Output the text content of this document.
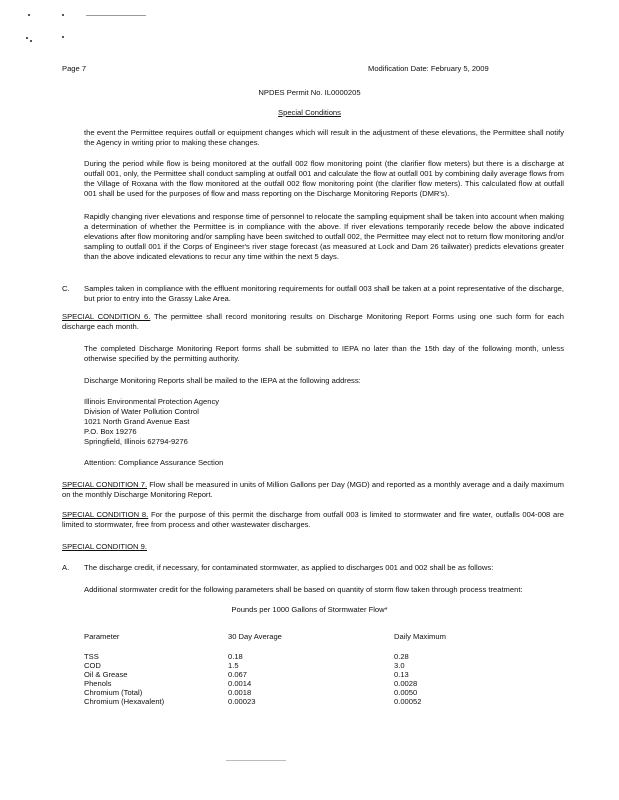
Page 7	Modification Date: February 5, 2009
NPDES Permit No. IL0000205
Special Conditions
the event the Permittee requires outfall or equipment changes which will result in the adjustment of these elevations, the Permittee shall notify the Agency in writing prior to making these changes.
During the period while flow is being monitored at the outfall 002 flow monitoring point (the clarifier flow meters) but there is a discharge at outfall 001, only, the Permittee shall conduct sampling at outfall 001 and calculate the flow at outfall 001 by combining daily average flows from the Village of Roxana with the flow monitored at the outfall 002 flow monitoring point (the clarifier flow meters). This calculated flow at outfall 001 shall be used for the purposes of flow and mass reporting on the Discharge Monitoring Reports (DMR's).
Rapidly changing river elevations and response time of personnel to relocate the sampling equipment shall be taken into account when making a determination of whether the Permittee is in compliance with the above. If river elevations temporarily recede below the above indicated elevations after flow monitoring and/or sampling have been switched to outfall 002, the Permittee may elect not to return flow monitoring and/or sampling to outfall 001 if the Corps of Engineer's river stage forecast (as measured at Lock and Dam 26 tailwater) predicts elevations greater than the above indicated elevations to recur any time within the next 5 days.
C. Samples taken in compliance with the effluent monitoring requirements for outfall 003 shall be taken at a point representative of the discharge, but prior to entry into the Grassy Lake Area.
SPECIAL CONDITION 6. The permittee shall record monitoring results on Discharge Monitoring Report Forms using one such form for each discharge each month.
The completed Discharge Monitoring Report forms shall be submitted to IEPA no later than the 15th day of the following month, unless otherwise specified by the permitting authority.
Discharge Monitoring Reports shall be mailed to the IEPA at the following address:
Illinois Environmental Protection Agency
Division of Water Pollution Control
1021 North Grand Avenue East
P.O. Box 19276
Springfield, Illinois 62794-9276
Attention: Compliance Assurance Section
SPECIAL CONDITION 7. Flow shall be measured in units of Million Gallons per Day (MGD) and reported as a monthly average and a daily maximum on the monthly Discharge Monitoring Report.
SPECIAL CONDITION 8. For the purpose of this permit the discharge from outfall 003 is limited to stormwater and fire water, outfalls 004-008 are limited to stormwater, free from process and other wastewater discharges.
SPECIAL CONDITION 9.
A. The discharge credit, if necessary, for contaminated stormwater, as applied to discharges 001 and 002 shall be as follows:
Additional stormwater credit for the following parameters shall be based on quantity of storm flow taken through process treatment:
Pounds per 1000 Gallons of Stormwater Flow*
Parameter	30 Day Average	Daily Maximum
TSS	0.18	0.28
COD	1.5	3.0
Oil & Grease	0.067	0.13
Phenols	0.0014	0.0028
Chromium (Total)	0.0018	0.0050
Chromium (Hexavalent)	0.00023	0.00052
